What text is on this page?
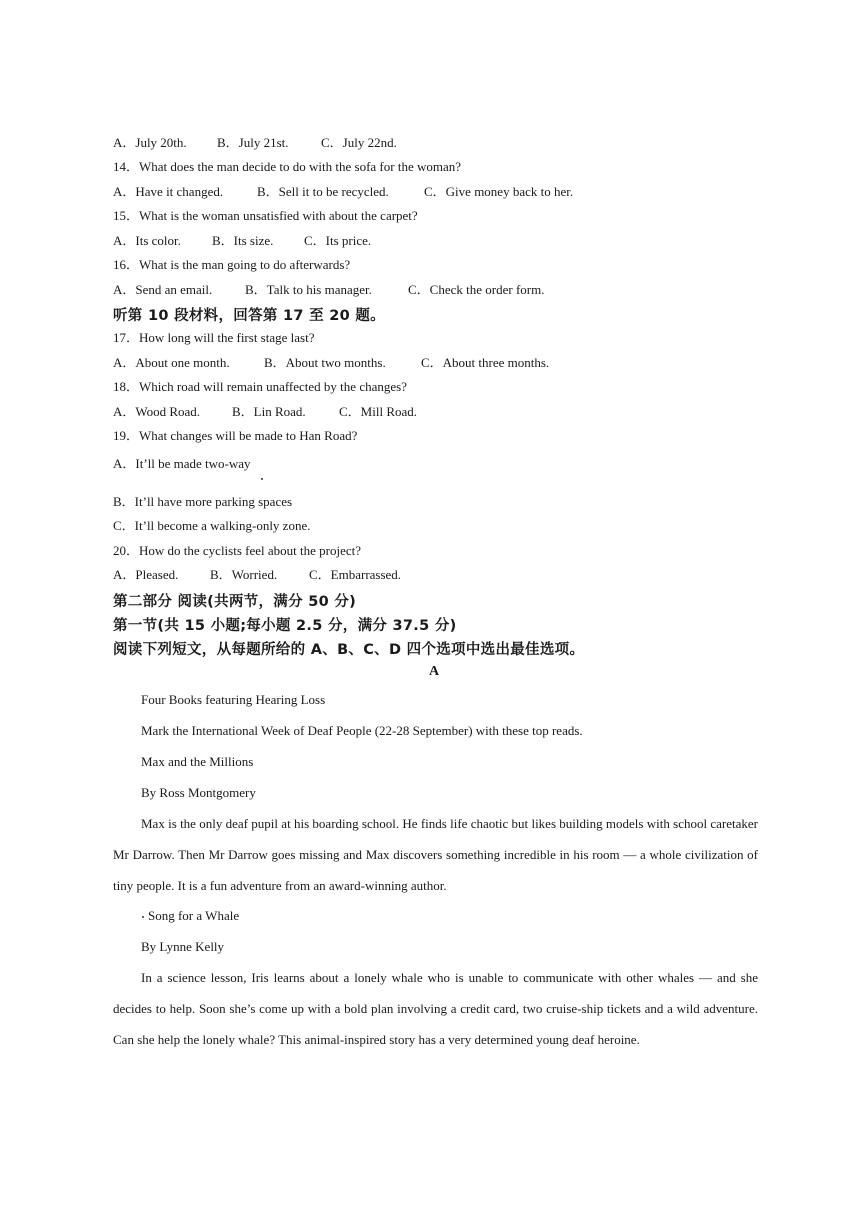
A．July 20th. B．July 21st. C．July 22nd.
14．What does the man decide to do with the sofa for the woman?
A．Have it changed.	B．Sell it to be recycled.	C．Give money back to her.
15．What is the woman unsatisfied with about the carpet?
A．Its color. B．Its size. C．Its price.
16．What is the man going to do afterwards?
A．Send an email.	B．Talk to his manager.	C．Check the order form.
听第 10 段材料，回答第 17 至 20 题。
17．How long will the first stage last?
A．About one month.	B．About two months.	C．About three months.
18．Which road will remain unaffected by the changes?
A．Wood Road. B．Lin Road.	C．Mill Road.
19．What changes will be made to Han Road?
A．It’ll be made two-way
B．It’ll have more parking spaces
C．It’ll become a walking-only zone.
20．How do the cyclists feel about the project?
A．Pleased. B．Worried. C．Embarrassed.
第二部分 阅读(共两节，满分 50 分)
第一节(共 15 小题;每小题 2.5 分，满分 37.5 分)
阅读下列短文，从每题所给的 A、B、C、D 四个选项中选出最佳选项。
A
Four Books featuring Hearing Loss
Mark the International Week of Deaf People (22-28 September) with these top reads.
Max and the Millions
By Ross Montgomery
Max is the only deaf pupil at his boarding school. He finds life chaotic but likes building models with school caretaker Mr Darrow. Then Mr Darrow goes missing and Max discovers something incredible in his room — a whole civilization of tiny people. It is a fun adventure from an award-winning author.
Song for a Whale
By Lynne Kelly
In a science lesson, Iris learns about a lonely whale who is unable to communicate with other whales — and she decides to help. Soon she’s come up with a bold plan involving a credit card, two cruise-ship tickets and a wild adventure. Can she help the lonely whale? This animal-inspired story has a very determined young deaf heroine.
